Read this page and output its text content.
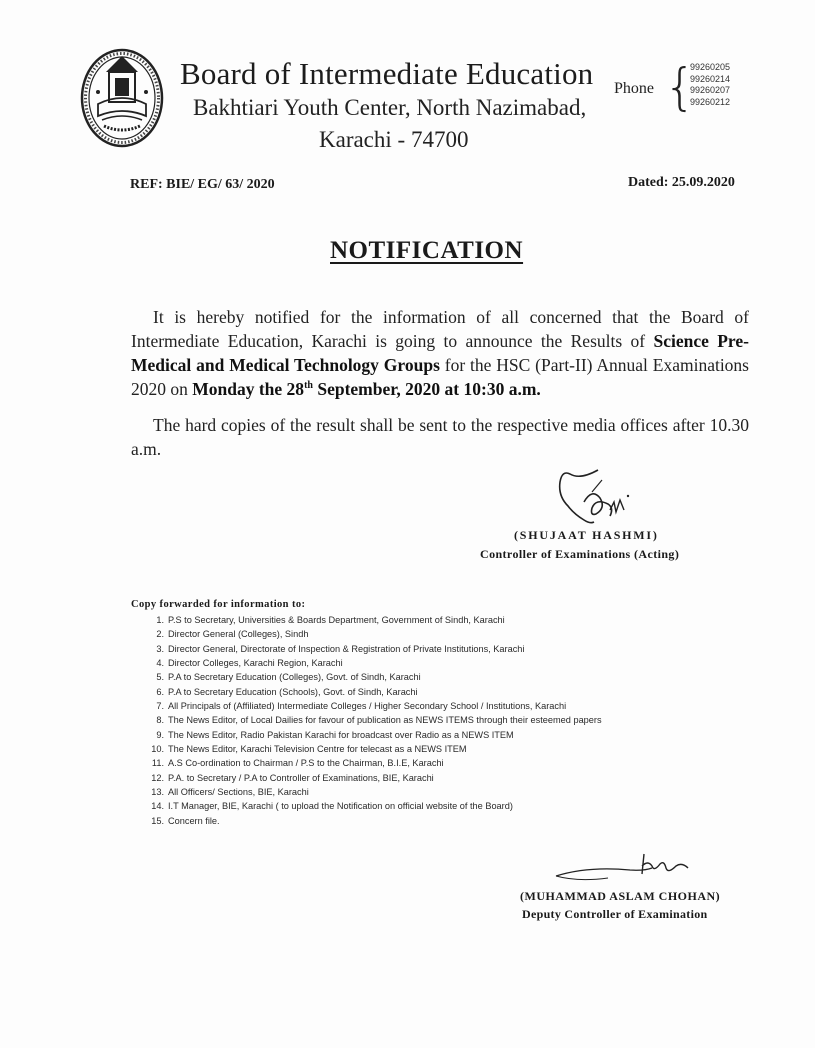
Board of Intermediate Education
Bakhtiari Youth Center, North Nazimabad,
Karachi - 74700
Phone {
99260205
99260214
99260207
99260212
REF: BIE/ EG/ 63/ 2020	Dated: 25.09.2020
NOTIFICATION
It is hereby notified for the information of all concerned that the Board of Intermediate Education, Karachi is going to announce the Results of Science Pre-Medical and Medical Technology Groups for the HSC (Part-II) Annual Examinations 2020 on Monday the 28th September, 2020 at 10:30 a.m.
The hard copies of the result shall be sent to the respective media offices after 10.30 a.m.
(SHUJAAT HASHMI)
Controller of Examinations (Acting)
Copy forwarded for information to:
1. P.S to Secretary, Universities & Boards Department, Government of Sindh, Karachi
2. Director General (Colleges), Sindh
3. Director General, Directorate of Inspection & Registration of Private Institutions, Karachi
4. Director Colleges, Karachi Region, Karachi
5. P.A to Secretary Education (Colleges), Govt. of Sindh, Karachi
6. P.A to Secretary Education (Schools), Govt. of Sindh, Karachi
7. All Principals of (Affiliated) Intermediate Colleges / Higher Secondary School / Institutions, Karachi
8. The News Editor, of Local Dailies for favour of publication as NEWS ITEMS through their esteemed papers
9. The News Editor, Radio Pakistan Karachi for broadcast over Radio as a NEWS ITEM
10. The News Editor, Karachi Television Centre for telecast as a NEWS ITEM
11. A.S Co-ordination to Chairman / P.S to the Chairman, B.I.E, Karachi
12. P.A. to Secretary / P.A to Controller of Examinations, BIE, Karachi
13. All Officers/ Sections, BIE, Karachi
14. I.T Manager, BIE, Karachi ( to upload the Notification on official website of the Board)
15. Concern file.
(MUHAMMAD ASLAM CHOHAN)
Deputy Controller of Examination
